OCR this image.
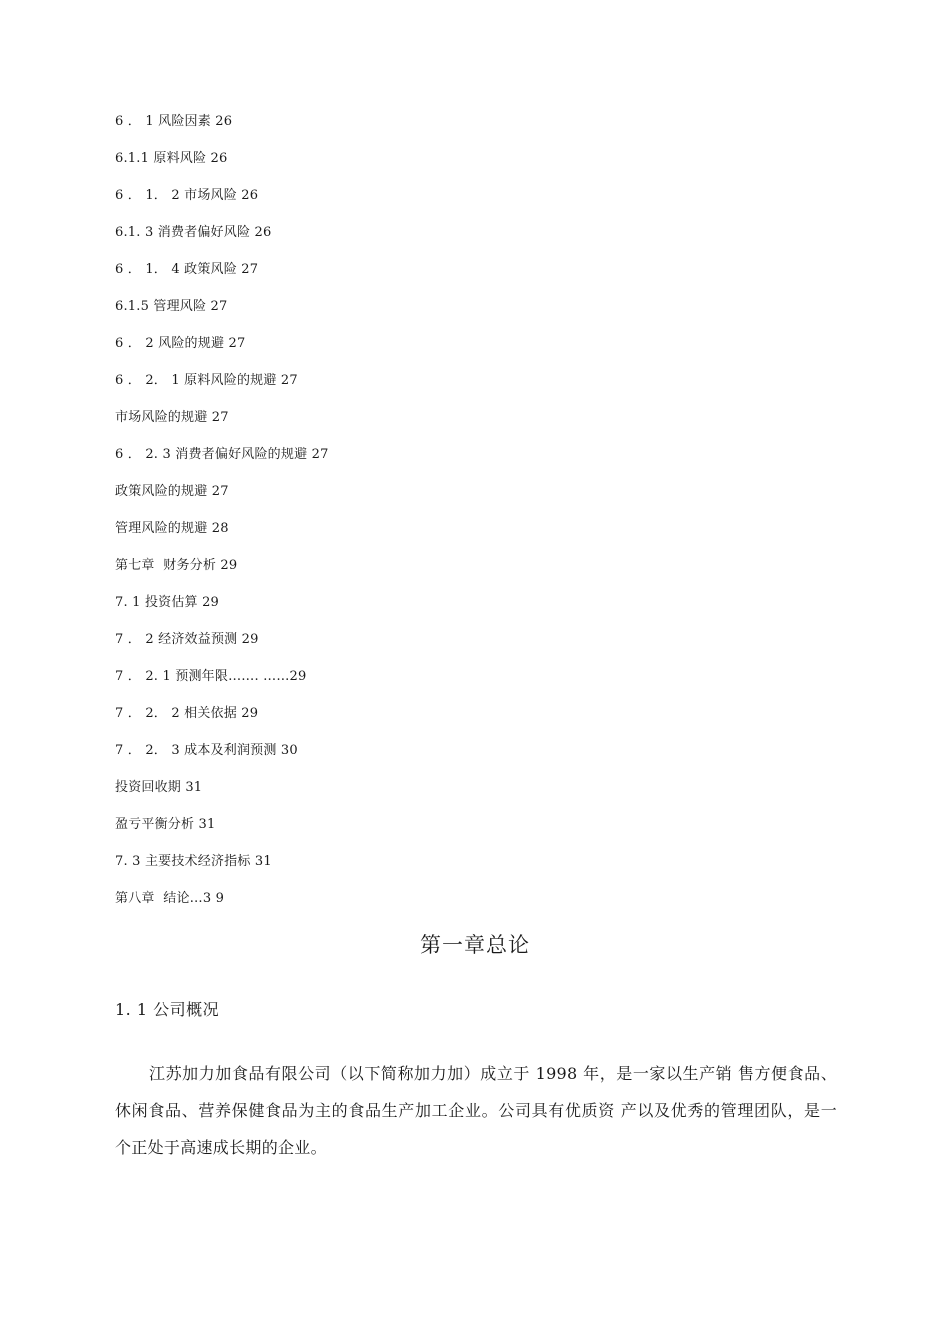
6 ． 1 风险因素 26
6.1.1 原料风险 26
6 ． 1． 2 市场风险 26
6.1. 3 消费者偏好风险 26
6 ． 1． 4 政策风险 27
6.1.5 管理风险 27
6 ． 2 风险的规避 27
6 ． 2． 1 原料风险的规避 27
市场风险的规避 27
6 ． 2. 3 消费者偏好风险的规避 27
政策风险的规避 27
管理风险的规避 28
第七章  财务分析 29
7. 1 投资估算 29
7 ． 2 经济效益预测 29
7 ． 2. 1 预测年限……. ……29
7 ． 2． 2 相关依据 29
7 ． 2． 3 成本及利润预测 30
投资回收期 31
盈亏平衡分析 31
7. 3 主要技术经济指标 31
第八章  结论…3 9
第一章总论
1. 1 公司概况
江苏加力加食品有限公司（以下简称加力加）成立于 1998 年，是一家以生产销 售方便食品、休闲食品、营养保健食品为主的食品生产加工企业。公司具有优质资 产以及优秀的管理团队，是一个正处于高速成长期的企业。
